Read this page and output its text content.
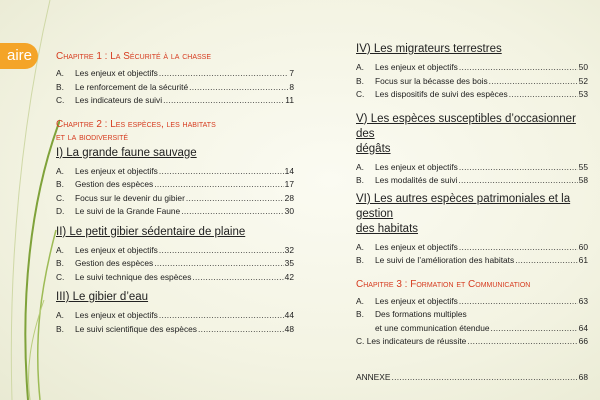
aire	Chapitre 1 : La Sécurité à la chasse
A.	Les enjeux et objectifs .....	7
B.	Le renforcement de la sécurité .....	8
C.	Les indicateurs de suivi .....	11
Chapitre 2 : Les espèces, les habitats
et la biodiversité
I) La grande faune sauvage
A.	Les enjeux et objectifs .....	14
B.	Gestion des espèces .....	17
C.	Focus sur le devenir du gibier .....	28
D.	Le suivi de la Grande Faune .....	30
II) Le petit gibier sédentaire de plaine
A.	Les enjeux et objectifs .....	32
B.	Gestion des espèces .....	35
C.	Le suivi technique des espèces .....	42
III) Le gibier d’eau
A.	Les enjeux et objectifs .....	44
B.	Le suivi scientifique des espèces .....	48
IV) Les migrateurs terrestres
A.	Les enjeux et objectifs .....	50
B.	Focus sur la bécasse des bois .....	52
C.	Les dispositifs de suivi des espèces .....	53
V) Les espèces susceptibles d’occasionner des
dégâts
A.	Les enjeux et objectifs .....	55
B.	Les modalités de suivi .....	58
VI) Les autres espèces patrimoniales et la gestion
des habitats
A.	Les enjeux et objectifs .....	60
B.	Le suivi de l’amélioration des habitats .....	61
Chapitre 3 : Formation et Communication
A.	Les enjeux et objectifs .....	63
B.	Des formations multiples
et une communication étendue .....	64
C. Les indicateurs de réussite .....	66
ANNEXE .....	68
